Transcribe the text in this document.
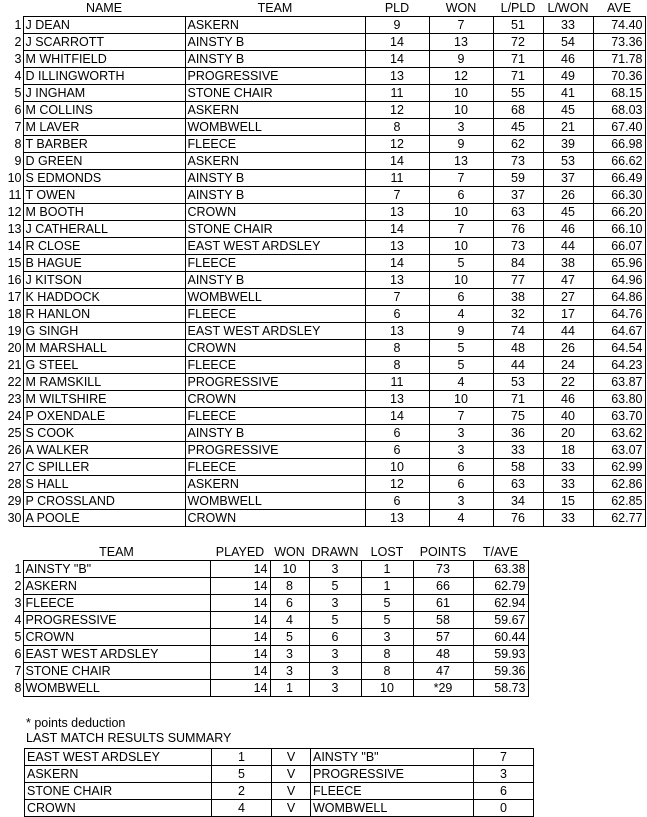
	NAME	TEAM	PLD	WON	L/PLD	L/WON	AVE
1	J DEAN	ASKERN	9	7	51	33	74.40
2	J SCARROTT	AINSTY B	14	13	72	54	73.36
3	M WHITFIELD	AINSTY B	14	9	71	46	71.78
4	D ILLINGWORTH	PROGRESSIVE	13	12	71	49	70.36
5	J INGHAM	STONE CHAIR	11	10	55	41	68.15
6	M COLLINS	ASKERN	12	10	68	45	68.03
7	M LAVER	WOMBWELL	8	3	45	21	67.40
8	T BARBER	FLEECE	12	9	62	39	66.98
9	D GREEN	ASKERN	14	13	73	53	66.62
10	S EDMONDS	AINSTY B	11	7	59	37	66.49
11	T OWEN	AINSTY B	7	6	37	26	66.30
12	M BOOTH	CROWN	13	10	63	45	66.20
13	J CATHERALL	STONE CHAIR	14	7	76	46	66.10
14	R CLOSE	EAST WEST ARDSLEY	13	10	73	44	66.07
15	B HAGUE	FLEECE	14	5	84	38	65.96
16	J KITSON	AINSTY B	13	10	77	47	64.96
17	K HADDOCK	WOMBWELL	7	6	38	27	64.86
18	R HANLON	FLEECE	6	4	32	17	64.76
19	G SINGH	EAST WEST ARDSLEY	13	9	74	44	64.67
20	M MARSHALL	CROWN	8	5	48	26	64.54
21	G STEEL	FLEECE	8	5	44	24	64.23
22	M RAMSKILL	PROGRESSIVE	11	4	53	22	63.87
23	M WILTSHIRE	CROWN	13	10	71	46	63.80
24	P OXENDALE	FLEECE	14	7	75	40	63.70
25	S COOK	AINSTY B	6	3	36	20	63.62
26	A WALKER	PROGRESSIVE	6	3	33	18	63.07
27	C SPILLER	FLEECE	10	6	58	33	62.99
28	S HALL	ASKERN	12	6	63	33	62.86
29	P CROSSLAND	WOMBWELL	6	3	34	15	62.85
30	A POOLE	CROWN	13	4	76	33	62.77
	TEAM	PLAYED	WON	DRAWN	LOST	POINTS	T/AVE
1	AINSTY "B"	14	10	3	1	73	63.38
2	ASKERN	14	8	5	1	66	62.79
3	FLEECE	14	6	3	5	61	62.94
4	PROGRESSIVE	14	4	5	5	58	59.67
5	CROWN	14	5	6	3	57	60.44
6	EAST WEST ARDSLEY	14	3	3	8	48	59.93
7	STONE CHAIR	14	3	3	8	47	59.36
8	WOMBWELL	14	1	3	10	*29	58.73
* points deduction
LAST MATCH RESULTS SUMMARY
EAST WEST ARDSLEY	1	V	AINSTY "B"	7
ASKERN	5	V	PROGRESSIVE	3
STONE CHAIR	2	V	FLEECE	6
CROWN	4	V	WOMBWELL	0
